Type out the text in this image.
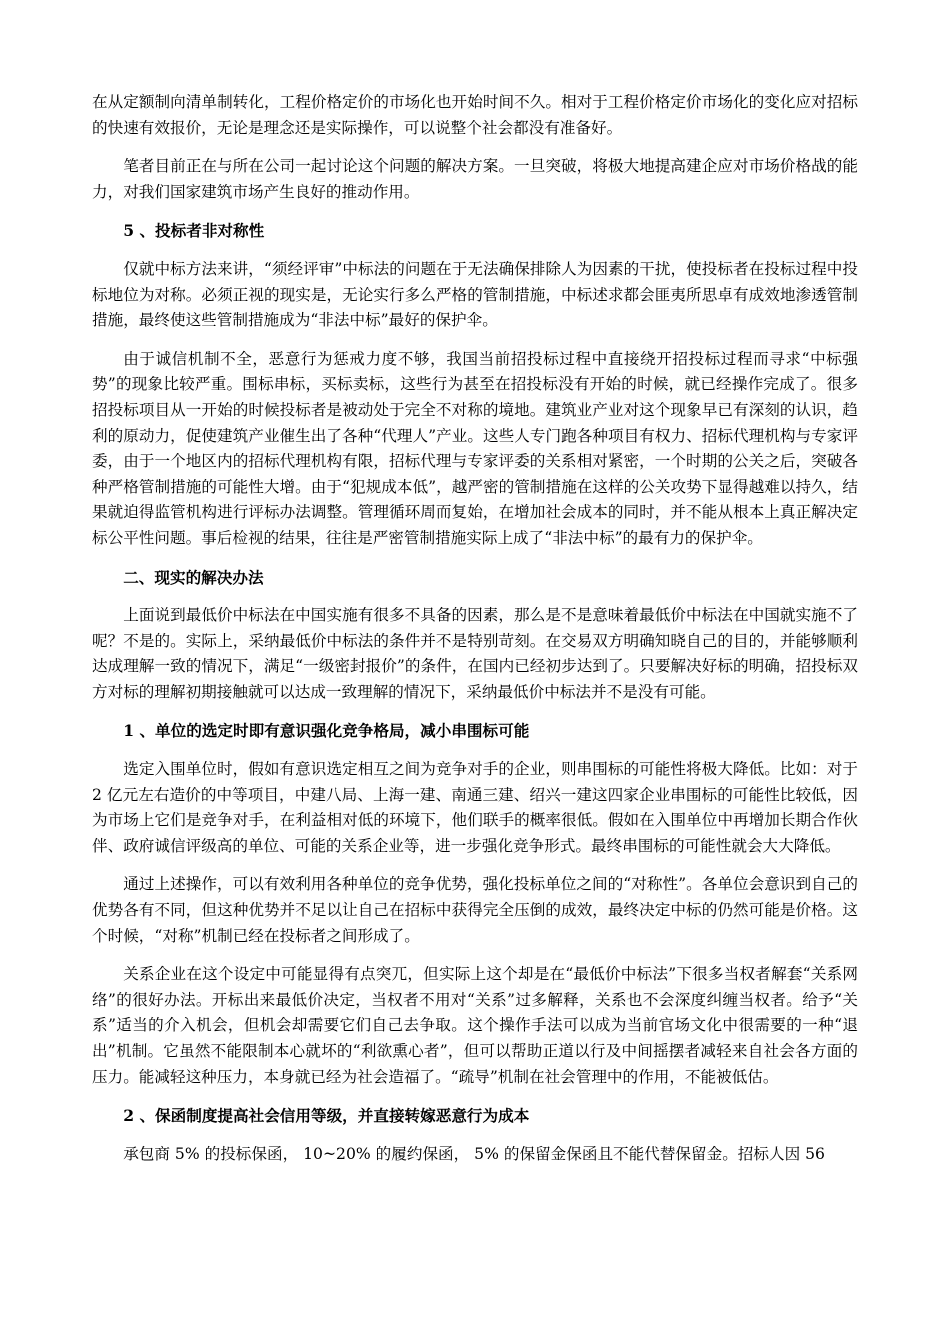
在从定额制向清单制转化，工程价格定价的市场化也开始时间不久。相对于工程价格定价市场化的变化应对招标的快速有效报价，无论是理念还是实际操作，可以说整个社会都没有准备好。

笔者目前正在与所在公司一起讨论这个问题的解决方案。一旦突破，将极大地提高建企应对市场价格战的能力，对我们国家建筑市场产生良好的推动作用。

5 、投标者非对称性

仅就中标方法来讲，“须经评审”中标法的问题在于无法确保排除人为因素的干扰，使投标者在投标过程中投标地位为对称。必须正视的现实是，无论实行多么严格的管制措施，中标述求都会匪夷所思卓有成效地渗透管制措施，最终使这些管制措施成为“非法中标”最好的保护伞。

由于诚信机制不全，恶意行为惩戒力度不够，我国当前招投标过程中直接绕开招投标过程而寻求“中标强势”的现象比较严重。围标串标，买标卖标，这些行为甚至在招投标没有开始的时候，就已经操作完成了。很多招投标项目从一开始的时候投标者是被动处于完全不对称的境地。建筑业产业对这个现象早已有深刻的认识，趋利的原动力，促使建筑产业催生出了各种“代理人”产业。这些人专门跑各种项目有权力、招标代理机构与专家评委，由于一个地区内的招标代理机构有限，招标代理与专家评委的关系相对紧密，一个时期的公关之后，突破各种严格管制措施的可能性大增。由于“犯规成本低”，越严密的管制措施在这样的公关攻势下显得越难以持久，结果就迫得监管机构进行评标办法调整。管理循环周而复始，在增加社会成本的同时，并不能从根本上真正解决定标公平性问题。事后检视的结果，往往是严密管制措施实际上成了“非法中标”的最有力的保护伞。

二、现实的解决办法

上面说到最低价中标法在中国实施有很多不具备的因素，那么是不是意味着最低价中标法在中国就实施不了呢？不是的。实际上，采纳最低价中标法的条件并不是特别苛刻。在交易双方明确知晓自己的目的，并能够顺利达成理解一致的情况下，满足“一级密封报价”的条件，在国内已经初步达到了。只要解决好标的明确，招投标双方对标的理解初期接触就可以达成一致理解的情况下，采纳最低价中标法并不是没有可能。

1 、单位的选定时即有意识强化竞争格局，减小串围标可能

选定入围单位时，假如有意识选定相互之间为竞争对手的企业，则串围标的可能性将极大降低。比如：对于 2 亿元左右造价的中等项目，中建八局、上海一建、南通三建、绍兴一建这四家企业串围标的可能性比较低，因为市场上它们是竞争对手，在利益相对低的环境下，他们联手的概率很低。假如在入围单位中再增加长期合作伙伴、政府诚信评级高的单位、可能的关系企业等，进一步强化竞争形式。最终串围标的可能性就会大大降低。

通过上述操作，可以有效利用各种单位的竞争优势，强化投标单位之间的“对称性”。各单位会意识到自己的优势各有不同，但这种优势并不足以让自己在招标中获得完全压倒的成效，最终决定中标的仍然可能是价格。这个时候，“对称”机制已经在投标者之间形成了。

关系企业在这个设定中可能显得有点突兀，但实际上这个却是在“最低价中标法”下很多当权者解套“关系网络”的很好办法。开标出来最低价决定，当权者不用对“关系”过多解释，关系也不会深度纠缠当权者。给予“关系”适当的介入机会，但机会却需要它们自己去争取。这个操作手法可以成为当前官场文化中很需要的一种“退出”机制。它虽然不能限制本心就坏的“利欲熏心者”，但可以帮助正道以行及中间摇摆者减轻来自社会各方面的压力。能减轻这种压力，本身就已经为社会造福了。“疏导”机制在社会管理中的作用，不能被低估。

2 、保函制度提高社会信用等级，并直接转嫁恶意行为成本

承包商 5% 的投标保函， 10~20% 的履约保函， 5% 的保留金保函且不能代替保留金。招标人因 56
